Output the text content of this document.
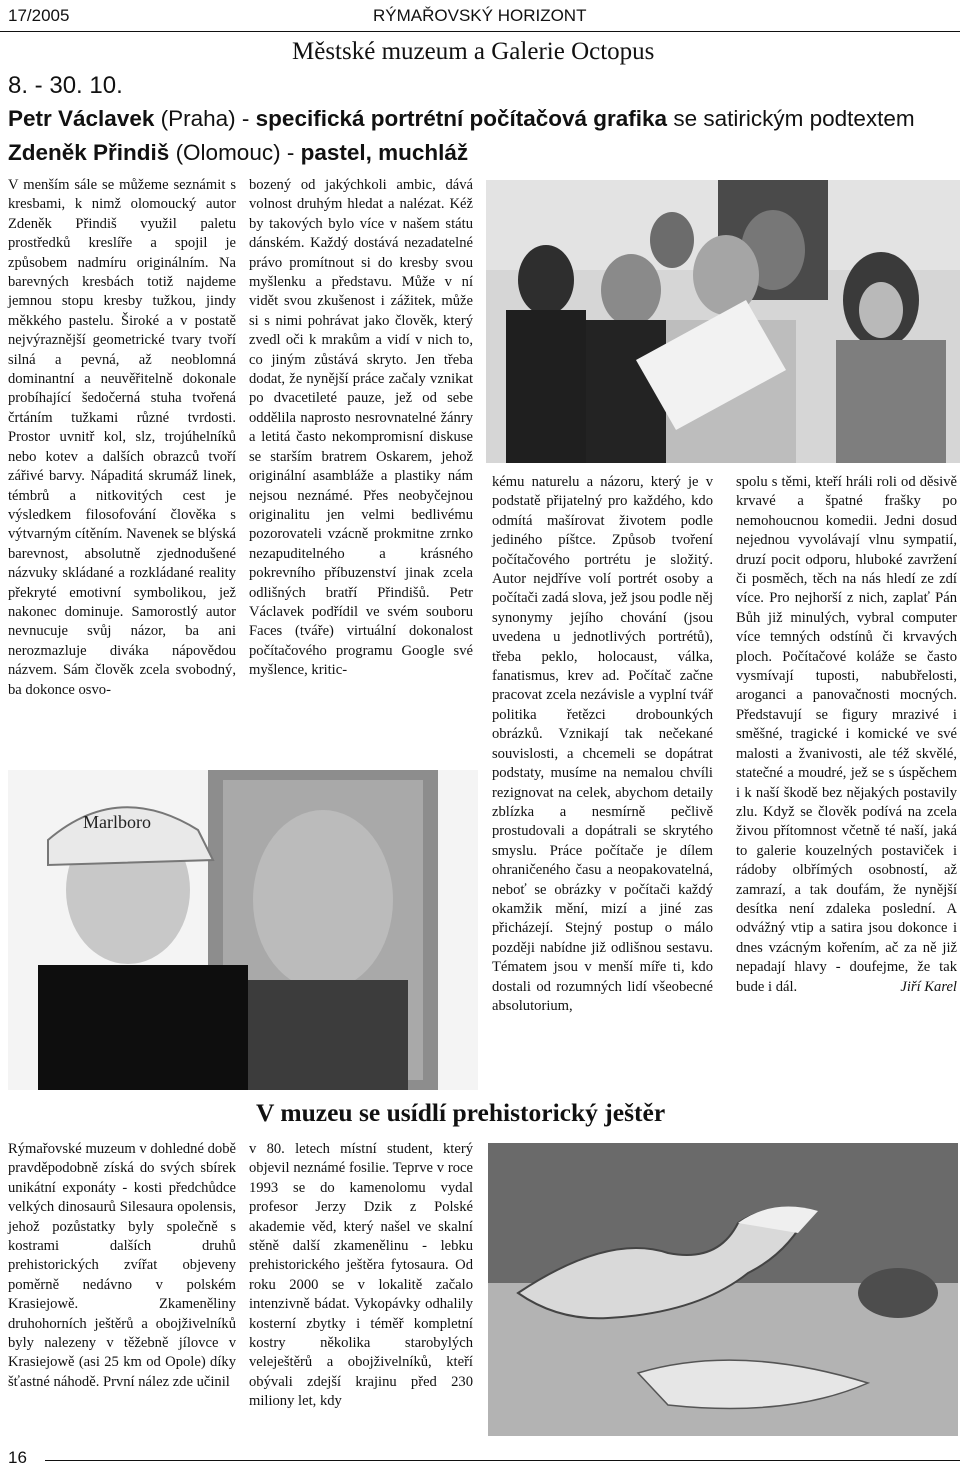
17/2005	RÝMAŘOVSKÝ HORIZONT
Městské muzeum a Galerie Octopus
8. - 30. 10.
Petr Václavek (Praha) - specifická portrétní počítačová grafika se satirickým podtextem
Zdeněk Přindiš (Olomouc) - pastel, muchláž
V menším sále se můžeme seznámit s kresbami, k nimž olomoucký autor Zdeněk Přindiš využil paletu prostředků kreslíře a spojil je způsobem nadmíru originálním. Na barevných kresbách totiž najdeme jemnou stopu kresby tužkou, jindy měkkého pastelu. Široké a v postatě nejvýraznější geometrické tvary tvoří silná a pevná, až neoblomná dominantní a neuvěřitelně dokonale probíhající šedočerná stuha tvořená črtáním tužkami různé tvrdosti. Prostor uvnitř kol, slz, trojúhelníků nebo kotev a dalších obrazců tvoří zářivé barvy. Nápaditá skrumáž linek, témbrů a nitkovitých cest je výsledkem filosofování člověka s výtvarným cítěním. Navenek se blýská barevnost, absolutně zjednodušené názvuky skládané a rozkládané reality překryté emotivní symbolikou, jež nakonec dominuje. Samorostlý autor nevnucuje svůj názor, ba ani nerozmazluje diváka nápovědou názvem. Sám člověk zcela svobodný, ba dokonce osvo-
bozený od jakýchkoli ambic, dává volnost druhým hledat a nalézat. Kéž by takových bylo více v našem státu dánském. Každý dostává nezadatelné právo promítnout si do kresby svou myšlenku a představu. Může v ní vidět svou zkušenost i zážitek, může si s nimi pohrávat jako člověk, který zvedl oči k mrakům a vidí v nich to, co jiným zůstává skryto. Jen třeba dodat, že nynější práce začaly vznikat po dvacetileté pauze, jež od sebe oddělila naprosto nesrovnatelné žánry a letitá často nekompromisní diskuse se starším bratrem Oskarem, jehož originální asambláže a plastiky nám nejsou neznámé. Přes neobyčejnou originalitu jen velmi bedlivému pozorovateli vzácně prokmitne zrnko nezapuditelného a krásného pokrevního příbuzenství jinak zcela odlišných bratří Přindišů. Petr Václavek podřídil ve svém souboru Faces (tváře) virtuální dokonalost počítačového programu Google své myšlence, kritic-
kému naturelu a názoru, který je v podstatě přijatelný pro každého, kdo odmítá mašírovat životem podle jediného píštce. Způsob tvoření počítačového portrétu je složitý. Autor nejdříve volí portrét osoby a počítači zadá slova, jež jsou podle něj synonymy jejího chování (jsou uvedena u jednotlivých portrétů), třeba peklo, holocaust, válka, fanatismus, krev ad. Počítač začne pracovat zcela nezávisle a vyplní tvář politika řetězci drobounkých obrázků. Vznikají tak nečekané souvislosti, a chcemeli se dopátrat podstaty, musíme na nemalou chvíli rezignovat na celek, abychom detaily zblízka a nesmírně pečlivě prostudovali a dopátrali se skrytého smyslu. Práce počítače je dílem ohraničeného času a neopakovatelná, neboť se obrázky v počítači každý okamžik mění, mizí a jiné zas přicházejí. Stejný postup o málo později nabídne již odlišnou sestavu. Tématem jsou v menší míře ti, kdo dostali od rozumných lidí všeobecné absolutorium,
spolu s těmi, kteří hráli roli od děsivě krvavé a špatné frašky po nemohoucnou komedii. Jedni dosud nejednou vyvolávají vlnu sympatií, druzí pocit odporu, hluboké zavržení či posměch, těch na nás hledí ze zdí více. Pro nejhorší z nich, zaplať Pán Bůh již minulých, vybral computer více temných odstínů či krvavých ploch. Počítačové koláže se často vysmívají tuposti, nabubřelosti, aroganci a panovačnosti mocných. Představují se figury mrazivé i směšné, tragické i komické ve své malosti a žvanivosti, ale též skvělé, statečné a moudré, jež se s úspěchem i k naší škodě bez nějakých postavily zlu. Když se člověk podívá na zcela živou přítomnost včetně té naší, jaká to galerie kouzelných postaviček i rádoby olbřímých osobností, až zamrazí, a tak doufám, že nynější desítka není zdaleka poslední. A odvážný vtip a satira jsou dokonce i dnes vzácným kořením, ač za ně již nepadají hlavy - doufejme, že tak bude i dál.	Jiří Karel
Marlboro
V muzeu se usídlí prehistorický ještěr
Rýmařovské muzeum v dohledné době pravděpodobně získá do svých sbírek unikátní exponáty - kosti předchůdce velkých dinosaurů Silesaura opolensis, jehož pozůstatky byly společně s kostrami dalších druhů prehistorických zvířat objeveny poměrně nedávno v polském Krasiejowě. Zkameněliny druhohorních ještěrů a obojživelníků byly nalezeny v těžebně jílovce v Krasiejowě (asi 25 km od Opole) díky šťastné náhodě. První nález zde učinil
v 80. letech místní student, který objevil neznámé fosilie. Teprve v roce 1993 se do kamenolomu vydal profesor Jerzy Dzik z Polské akademie věd, který našel ve skalní stěně další zkamenělinu - lebku prehistorického ještěra fytosaura. Od roku 2000 se v lokalitě začalo intenzivně bádat. Vykopávky odhalily kosterní zbytky i téměř kompletní kostry několika starobylých veleještěrů a obojživelníků, kteří obývali zdejší krajinu před 230 miliony let, kdy
16
